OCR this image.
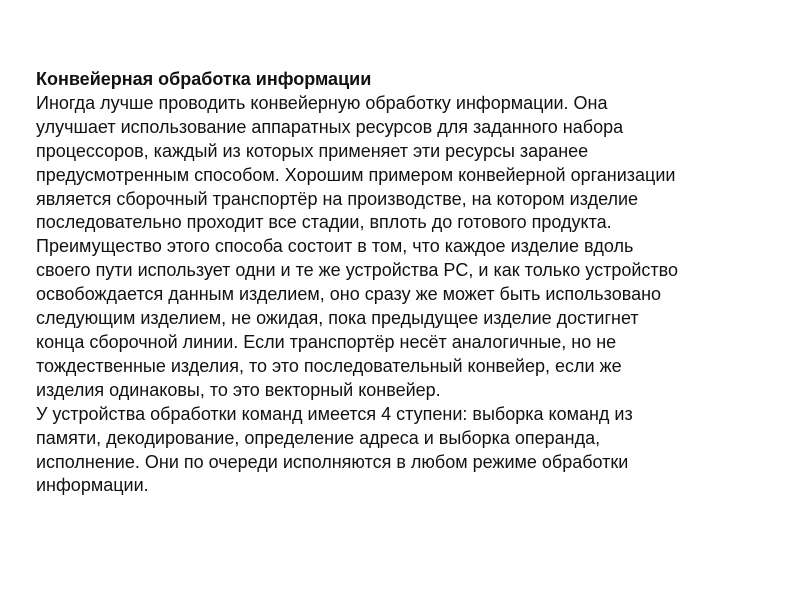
Конвейерная обработка информации
Иногда лучше проводить конвейерную обработку информации. Она
улучшает использование аппаратных ресурсов для заданного набора
процессоров, каждый из которых применяет эти ресурсы заранее
предусмотренным способом. Хорошим примером конвейерной организации
является сборочный транспортёр на производстве, на котором изделие
последовательно проходит все стадии, вплоть до готового продукта.
Преимущество этого способа состоит в том, что каждое изделие вдоль
своего пути использует одни и те же устройства PC, и как только устройство
освобождается данным изделием, оно сразу же может быть использовано
следующим изделием, не ожидая, пока предыдущее изделие достигнет
конца сборочной линии. Если транспортёр несёт аналогичные, но не
тождественные изделия, то это последовательный конвейер, если же
изделия одинаковы, то это векторный конвейер.
У устройства обработки команд имеется 4 ступени: выборка команд из
памяти, декодирование, определение адреса и выборка операнда,
исполнение. Они по очереди исполняются в любом режиме обработки
информации.
